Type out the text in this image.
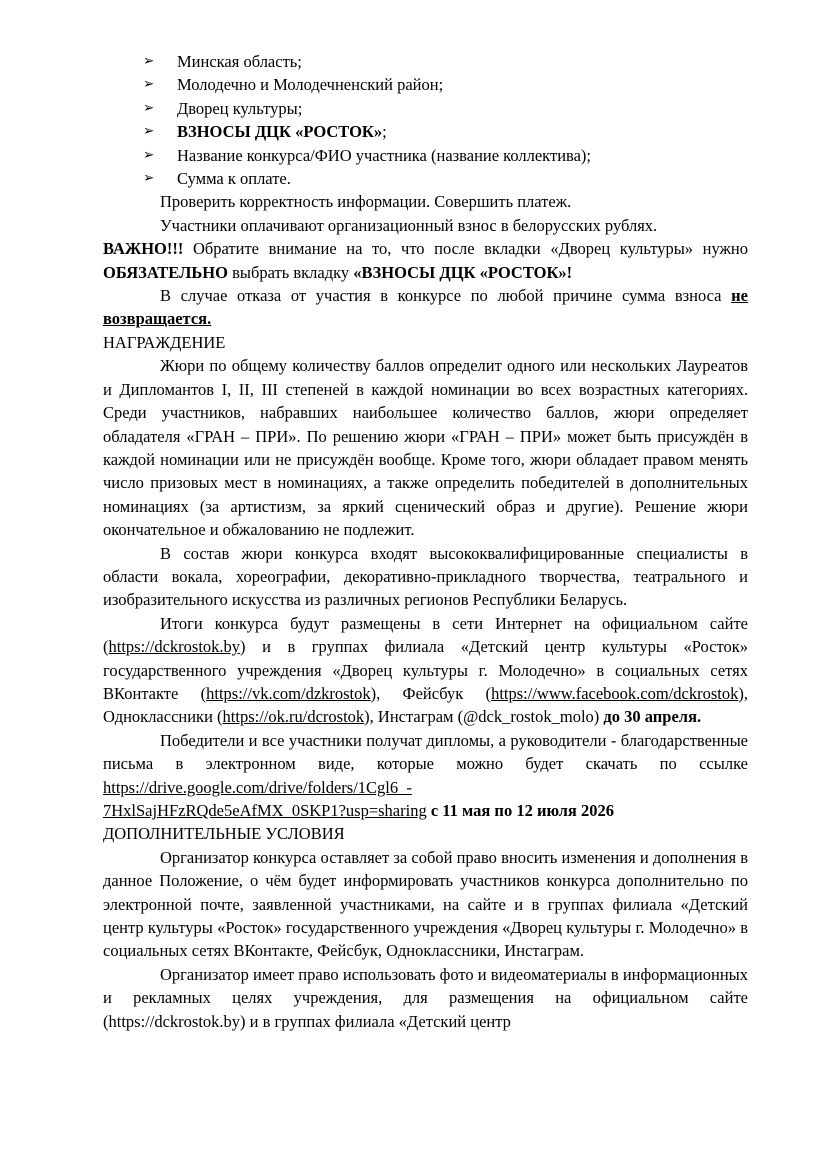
➢ Минская область;
➢ Молодечно и Молодечненский район;
➢ Дворец культуры;
➢ ВЗНОСЫ ДЦК «РОСТОК»;
➢ Название конкурса/ФИО участника (название коллектива);
➢ Сумма к оплате.

Проверить корректность информации. Совершить платеж.

Участники оплачивают организационный взнос в белорусских рублях.

ВАЖНО!!! Обратите внимание на то, что после вкладки «Дворец культуры» нужно ОБЯЗАТЕЛЬНО выбрать вкладку «ВЗНОСЫ ДЦК «РОСТОК»!

В случае отказа от участия в конкурсе по любой причине сумма взноса не возвращается.

НАГРАЖДЕНИЕ

Жюри по общему количеству баллов определит одного или нескольких Лауреатов и Дипломантов I, II, III степеней в каждой номинации во всех возрастных категориях. Среди участников, набравших наибольшее количество баллов, жюри определяет обладателя «ГРАН – ПРИ». По решению жюри «ГРАН – ПРИ» может быть присуждён в каждой номинации или не присуждён вообще. Кроме того, жюри обладает правом менять число призовых мест в номинациях, а также определить победителей в дополнительных номинациях (за артистизм, за яркий сценический образ и другие). Решение жюри окончательное и обжалованию не подлежит.

В состав жюри конкурса входят высококвалифицированные специалисты в области вокала, хореографии, декоративно-прикладного творчества, театрального и изобразительного искусства из различных регионов Республики Беларусь.

Итоги конкурса будут размещены в сети Интернет на официальном сайте (https://dckrostok.by) и в группах филиала «Детский центр культуры «Росток» государственного учреждения «Дворец культуры г. Молодечно» в социальных сетях ВКонтакте (https://vk.com/dzkrostok), Фейсбук (https://www.facebook.com/dckrostok), Одноклассники (https://ok.ru/dcrostok), Инстаграм (@dck_rostok_molo) до 30 апреля.

Победители и все участники получат дипломы, а руководители - благодарственные письма в электронном виде, которые можно будет скачать по ссылке https://drive.google.com/drive/folders/1Cgl6_-
7HxlSajHFzRQde5eAfMX_0SKP1?usp=sharing с 11 мая по 12 июля 2026

ДОПОЛНИТЕЛЬНЫЕ УСЛОВИЯ

Организатор конкурса оставляет за собой право вносить изменения и дополнения в данное Положение, о чём будет информировать участников конкурса дополнительно по электронной почте, заявленной участниками, на сайте и в группах филиала «Детский центр культуры «Росток» государственного учреждения «Дворец культуры г. Молодечно» в социальных сетях ВКонтакте, Фейсбук, Одноклассники, Инстаграм.

Организатор имеет право использовать фото и видеоматериалы в информационных и рекламных целях учреждения, для размещения на официальном сайте (https://dckrostok.by) и в группах филиала «Детский центр
